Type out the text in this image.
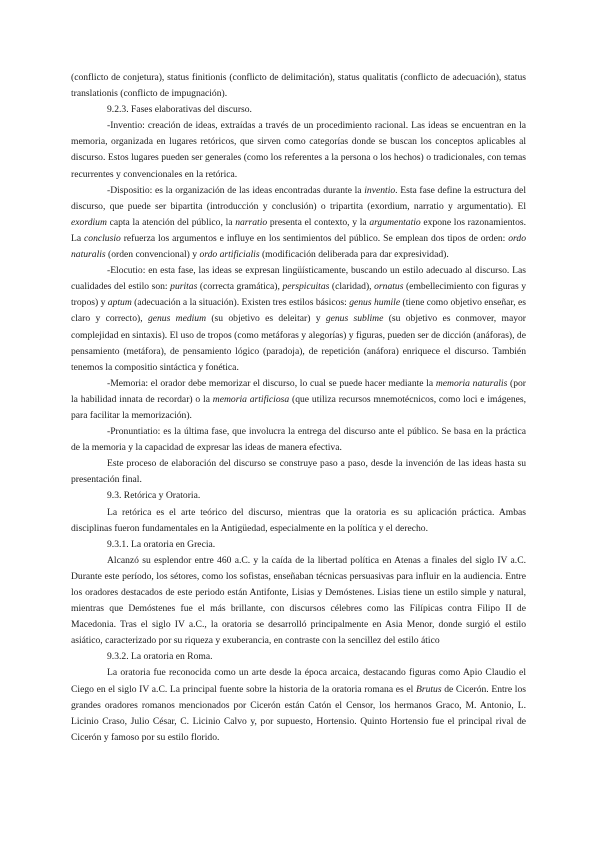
(conflicto de conjetura), status finitionis (conflicto de delimitación), status qualitatis (conflicto de adecuación), status translationis (conflicto de impugnación).

9.2.3. Fases elaborativas del discurso.

-Inventio: creación de ideas, extraídas a través de un procedimiento racional. Las ideas se encuentran en la memoria, organizada en lugares retóricos, que sirven como categorías donde se buscan los conceptos aplicables al discurso. Estos lugares pueden ser generales (como los referentes a la persona o los hechos) o tradicionales, con temas recurrentes y convencionales en la retórica.

-Dispositio: es la organización de las ideas encontradas durante la inventio. Esta fase define la estructura del discurso, que puede ser bipartita (introducción y conclusión) o tripartita (exordium, narratio y argumentatio). El exordium capta la atención del público, la narratio presenta el contexto, y la argumentatio expone los razonamientos. La conclusio refuerza los argumentos e influye en los sentimientos del público. Se emplean dos tipos de orden: ordo naturalis (orden convencional) y ordo artificialis (modificación deliberada para dar expresividad).

-Elocutio: en esta fase, las ideas se expresan lingüísticamente, buscando un estilo adecuado al discurso. Las cualidades del estilo son: puritas (correcta gramática), perspicuitas (claridad), ornatus (embellecimiento con figuras y tropos) y aptum (adecuación a la situación). Existen tres estilos básicos: genus humile (tiene como objetivo enseñar, es claro y correcto), genus medium (su objetivo es deleitar) y genus sublime (su objetivo es conmover, mayor complejidad en sintaxis). El uso de tropos (como metáforas y alegorías) y figuras, pueden ser de dicción (anáforas), de pensamiento (metáfora), de pensamiento lógico (paradoja), de repetición (anáfora) enriquece el discurso. También tenemos la compositio sintáctica y fonética.

-Memoria: el orador debe memorizar el discurso, lo cual se puede hacer mediante la memoria naturalis (por la habilidad innata de recordar) o la memoria artificiosa (que utiliza recursos mnemotécnicos, como loci e imágenes, para facilitar la memorización).

-Pronuntiatio: es la última fase, que involucra la entrega del discurso ante el público. Se basa en la práctica de la memoria y la capacidad de expresar las ideas de manera efectiva.

Este proceso de elaboración del discurso se construye paso a paso, desde la invención de las ideas hasta su presentación final.

9.3. Retórica y Oratoria.

La retórica es el arte teórico del discurso, mientras que la oratoria es su aplicación práctica. Ambas disciplinas fueron fundamentales en la Antigüedad, especialmente en la política y el derecho.

9.3.1. La oratoria en Grecia.

Alcanzó su esplendor entre 460 a.C. y la caída de la libertad política en Atenas a finales del siglo IV a.C. Durante este período, los sétores, como los sofistas, enseñaban técnicas persuasivas para influir en la audiencia. Entre los oradores destacados de este periodo están Antifonte, Lisias y Demóstenes. Lisias tiene un estilo simple y natural, mientras que Demóstenes fue el más brillante, con discursos célebres como las Filípicas contra Filipo II de Macedonia. Tras el siglo IV a.C., la oratoria se desarrolló principalmente en Asia Menor, donde surgió el estilo asiático, caracterizado por su riqueza y exuberancia, en contraste con la sencillez del estilo ático

9.3.2. La oratoria en Roma.

La oratoria fue reconocida como un arte desde la época arcaica, destacando figuras como Apio Claudio el Ciego en el siglo IV a.C. La principal fuente sobre la historia de la oratoria romana es el Brutus de Cicerón. Entre los grandes oradores romanos mencionados por Cicerón están Catón el Censor, los hermanos Graco, M. Antonio, L. Licinio Craso, Julio César, C. Licinio Calvo y, por supuesto, Hortensio. Quinto Hortensio fue el principal rival de Cicerón y famoso por su estilo florido.
